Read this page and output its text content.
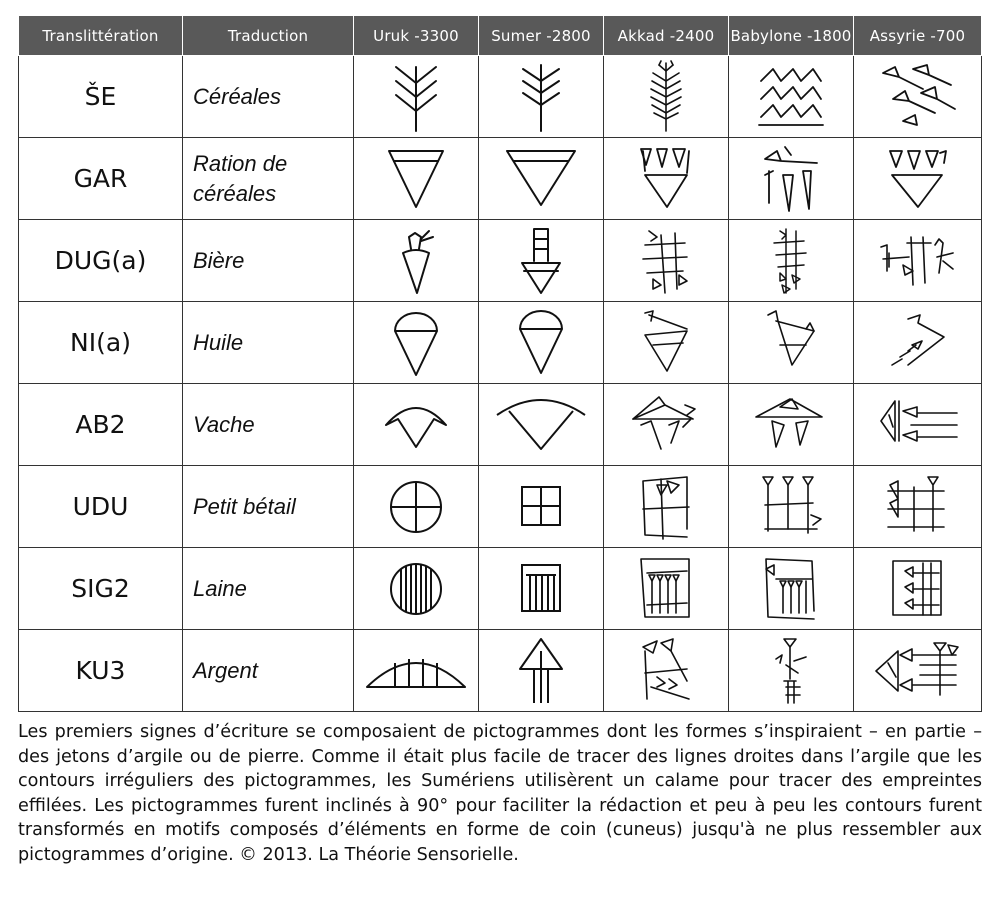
Translittération	Traduction	Uruk -3300	Sumer -2800	Akkad -2400	Babylone -1800	Assyrie -700
ŠE	Céréales	

GAR	Ration de céréales	

DUG(a)	Bière	

NI(a)	Huile	

AB2	Vache	

UDU	Petit bétail	

SIG2	Laine	

KU3	Argent	

Les premiers signes d’écriture se composaient de pictogrammes dont les formes s’inspiraient – en partie – des jetons d’argile ou de pierre. Comme il était plus facile de tracer des lignes droites dans l’argile que les contours irréguliers des pictogrammes, les Sumériens utilisèrent un calame pour tracer des empreintes effilées. Les pictogrammes furent inclinés à 90° pour faciliter la rédaction et peu à peu les contours furent transformés en motifs composés d’éléments en forme de coin (cuneus) jusqu'à ne plus ressembler aux pictogrammes d’origine. © 2013. La Théorie Sensorielle.
